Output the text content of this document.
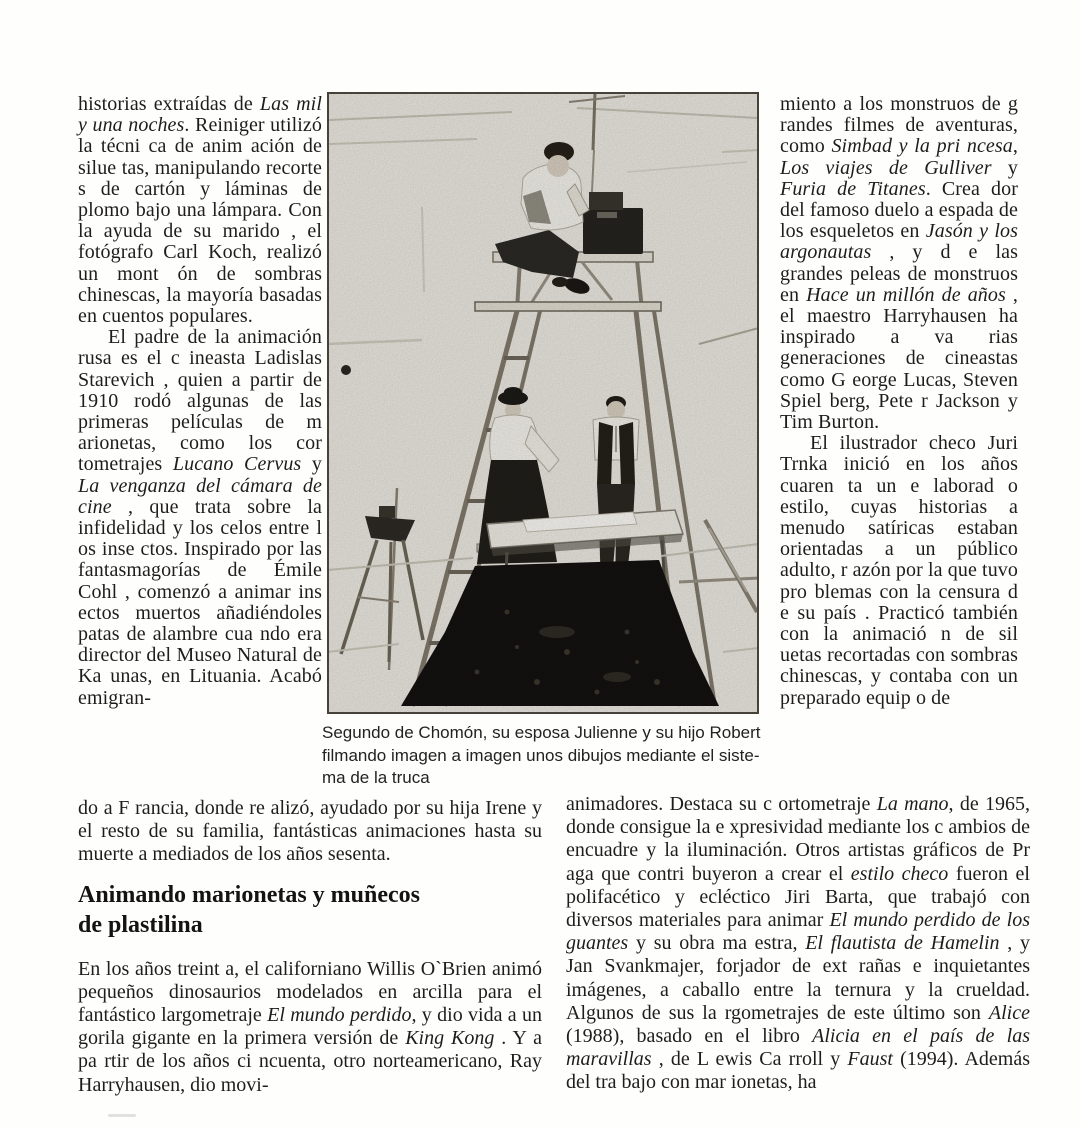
historias extraídas de Las mil y una noches. Reiniger utilizó la técni ca de anim ación de silue tas, manipulando recorte s de cartón y láminas de plomo bajo una lámpara. Con la ayuda de su marido , el fotógrafo Carl Koch, realizó un mont ón de sombras chinescas, la mayoría basadas en cuentos populares.

El padre de la animación rusa es el c ineasta Ladislas Starevich , quien a partir de 1910 rodó algunas de las primeras películas de m arionetas, como los cor tometrajes Lucano Cervus y La venganza del cámara de cine , que trata sobre la infidelidad y los celos entre l os inse ctos. Inspirado por las fantasmagorías de Émile Cohl , comenzó a animar ins ectos muertos añadiéndoles patas de alambre cua ndo era director del Museo Natural de Ka unas, en Lituania. Acabó emigran-

Segundo de Chomón, su esposa Julienne y su hijo Robert
filmando imagen a imagen unos dibujos mediante el siste-
ma de la truca

miento a los monstruos de g randes filmes de aventuras, como Simbad y la pri ncesa, Los viajes de Gulliver y Furia de Titanes. Crea dor del famoso duelo a espada de los esqueletos en Jasón y los argonautas , y d e las grandes peleas de monstruos en Hace un millón de años , el maestro Harryhausen ha inspirado a va rias generaciones de cineastas como G eorge Lucas, Steven Spiel berg, Pete r Jackson y Tim Burton.

El ilustrador checo Juri Trnka inició en los años cuaren ta un e laborad o estilo, cuyas historias a menudo satíricas estaban orientadas a un público adulto, r azón por la que tuvo pro blemas con la censura d e su país . Practicó también con la animació n de sil uetas recortadas con sombras chinescas, y contaba con un preparado equip o de

do a F rancia, donde re alizó, ayudado por su hija Irene y el resto de su familia, fantásticas animaciones hasta su muerte a mediados de los años sesenta.

Animando marionetas y muñecos
de plastilina

En los años treint a, el californiano Willis O`Brien animó pequeños dinosaurios modelados en arcilla para el fantástico largometraje El mundo perdido, y dio vida a un gorila gigante en la primera versión de King Kong . Y a pa rtir de los años ci ncuenta, otro norteamericano, Ray Harryhausen, dio movi-

animadores. Destaca su c ortometraje La mano, de 1965, donde consigue la e xpresividad mediante los c ambios de encuadre y la iluminación. Otros artistas gráficos de Pr aga que contri buyeron a crear el estilo checo fueron el polifacético y ecléctico Jiri Barta, que trabajó con diversos materiales para animar El mundo perdido de los guantes y su obra ma estra, El flautista de Hamelin , y Jan Svankmajer, forjador de ext rañas e inquietantes imágenes, a caballo entre la ternura y la crueldad. Algunos de sus la rgometrajes de este último son Alice (1988), basado en el libro Alicia en el país de las maravillas , de L ewis Ca rroll y Faust (1994). Además del tra bajo con mar ionetas, ha
